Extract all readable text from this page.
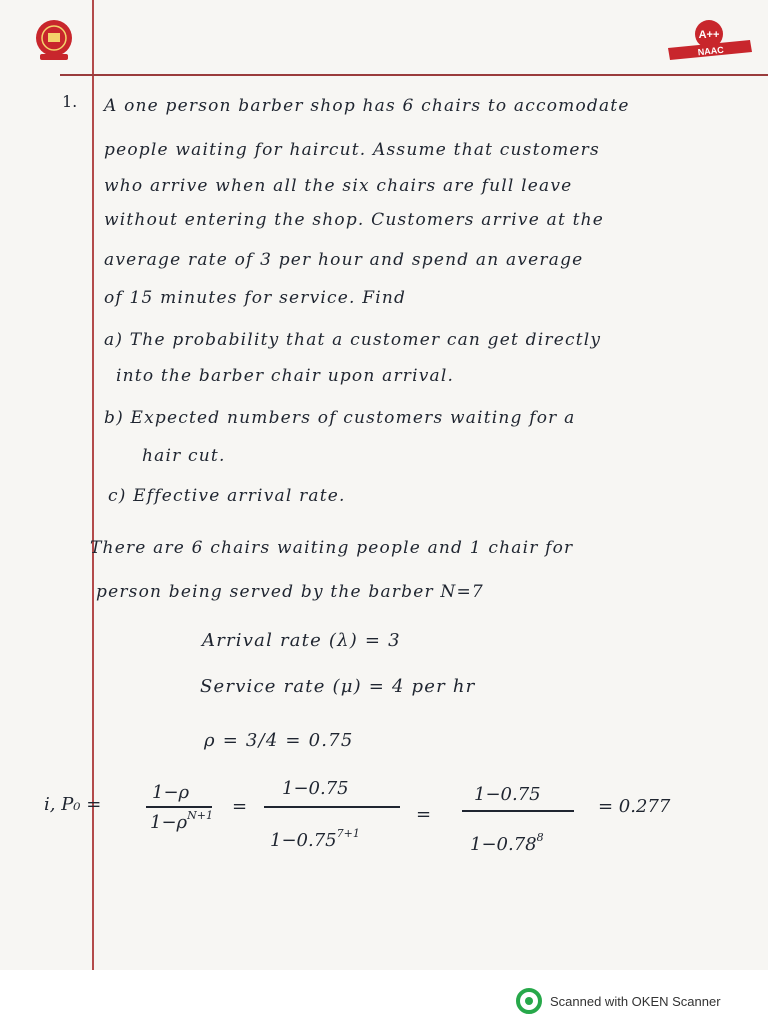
A++
NAAC
1. A one person barber shop has 6 chairs to accomodate

people waiting for haircut. Assume that customers

who arrive when all the six chairs are full leave

without entering the shop. Customers arrive at the

average rate of 3 per hour and spend an average

of 15 minutes for service. Find

a) The probability that a customer can get directly

into the barber chair upon arrival.

b) Expected numbers of customers waiting for a

hair cut.

c) Effective arrival rate.

There are 6 chairs waiting people and 1 chair for

person being served by the barber N=7

Arrival rate (λ) = 3

Service rate (μ) = 4 per hr

ρ = 3/4 = 0.75

i, P₀ =
1−ρ
$1-\rho^{N+1}$ =
1−0.75
$1-0.75^{7+1}$
=
1−0.75
$1-0.78^8$
= 0.277
Scanned with OKEN Scanner
